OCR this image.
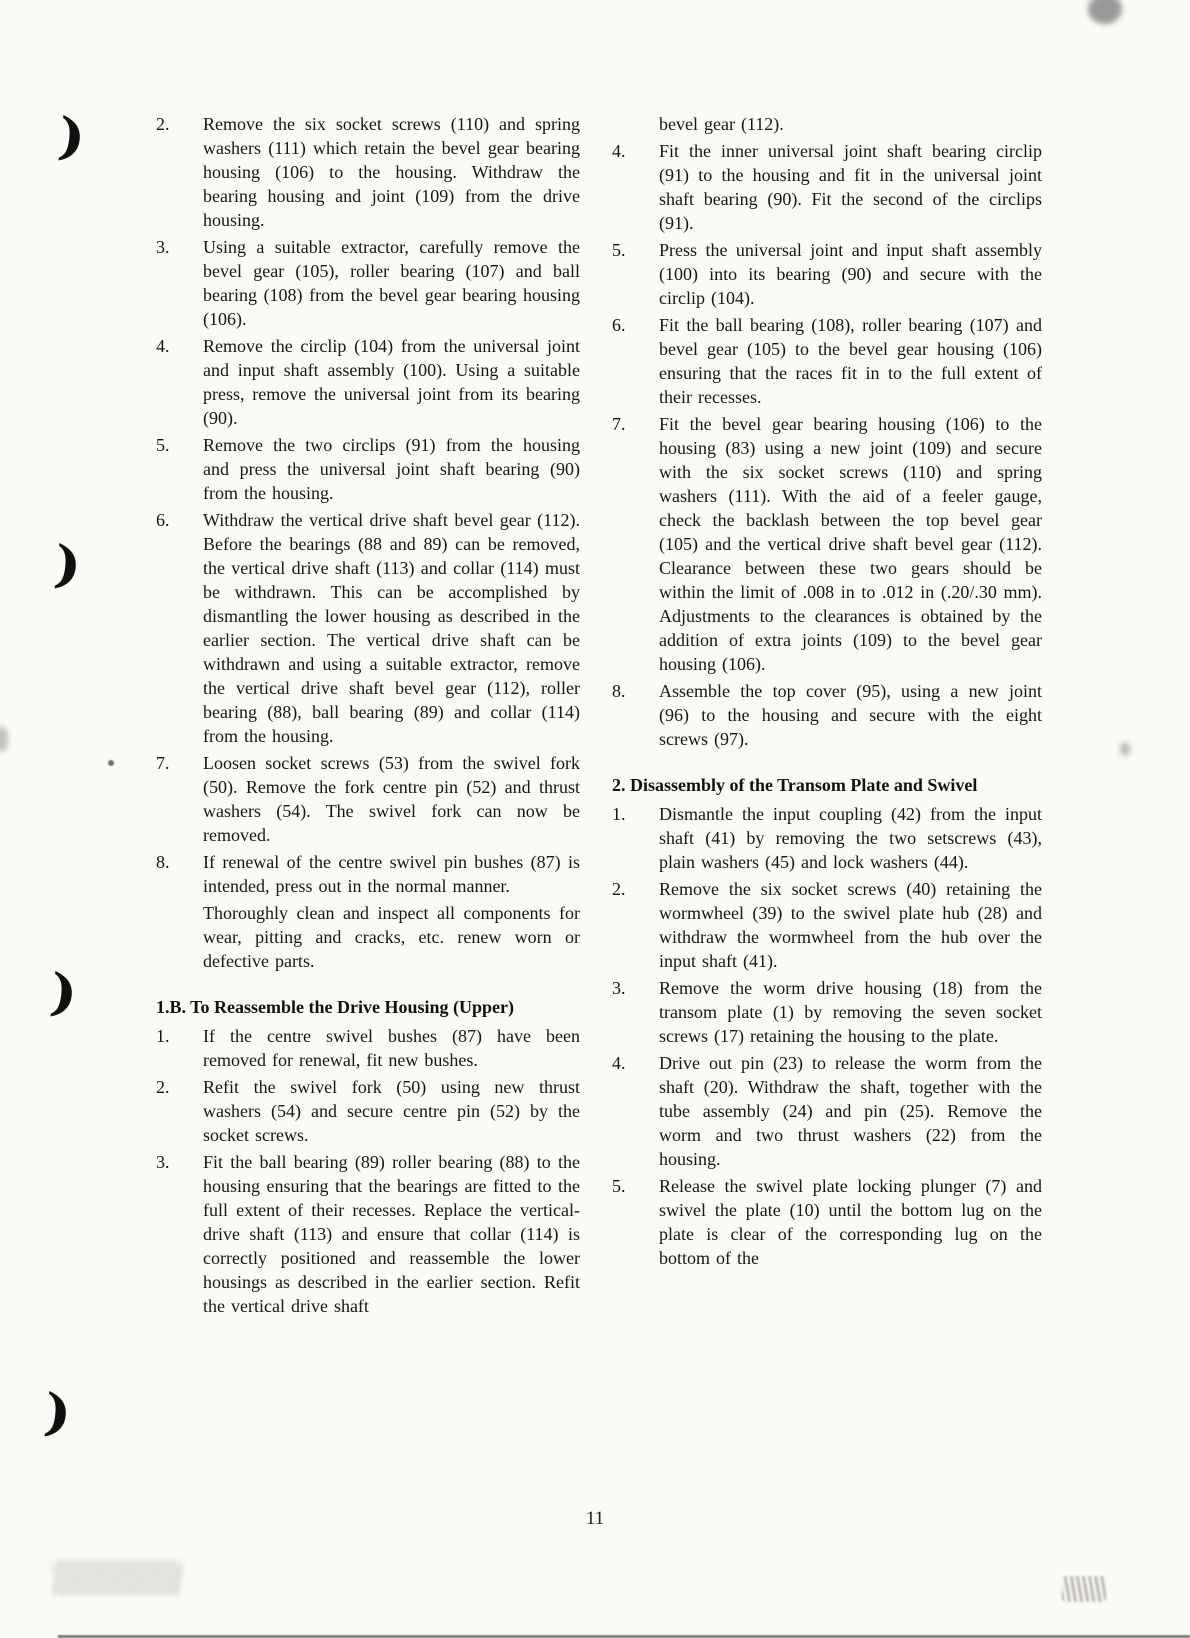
)
)
)
)
2.	Remove the six socket screws (110) and spring washers (111) which retain the bevel gear bearing housing (106) to the housing. Withdraw the bearing housing and joint (109) from the drive housing.

3.	Using a suitable extractor, carefully remove the bevel gear (105), roller bearing (107) and ball bearing (108) from the bevel gear bearing housing (106).

4.	Remove the circlip (104) from the universal joint and input shaft assembly (100). Using a suitable press, remove the universal joint from its bearing (90).

5.	Remove the two circlips (91) from the housing and press the universal joint shaft bearing (90) from the housing.

6.	Withdraw the vertical drive shaft bevel gear (112). Before the bearings (88 and 89) can be removed, the vertical drive shaft (113) and collar (114) must be withdrawn. This can be accomplished by dismantling the lower housing as described in the earlier section. The vertical drive shaft can be withdrawn and using a suitable extractor, remove the vertical drive shaft bevel gear (112), roller bearing (88), ball bearing (89) and collar (114) from the housing.

7.	Loosen socket screws (53) from the swivel fork (50). Remove the fork centre pin (52) and thrust washers (54). The swivel fork can now be removed.

8.	If renewal of the centre swivel pin bushes (87) is intended, press out in the normal manner.

Thoroughly clean and inspect all components for wear, pitting and cracks, etc. renew worn or defective parts.

1.B. To Reassemble the Drive Housing (Upper)
1.	If the centre swivel bushes (87) have been removed for renewal, fit new bushes.

2.	Refit the swivel fork (50) using new thrust washers (54) and secure centre pin (52) by the socket screws.

3.	Fit the ball bearing (89) roller bearing (88) to the housing ensuring that the bearings are fitted to the full extent of their recesses. Replace the vertical-drive shaft (113) and ensure that collar (114) is correctly positioned and reassemble the lower housings as described in the earlier section. Refit the vertical drive shaft

bevel gear (112).

4.	Fit the inner universal joint shaft bearing circlip (91) to the housing and fit in the universal joint shaft bearing (90). Fit the second of the circlips (91).

5.	Press the universal joint and input shaft assembly (100) into its bearing (90) and secure with the circlip (104).

6.	Fit the ball bearing (108), roller bearing (107) and bevel gear (105) to the bevel gear housing (106) ensuring that the races fit in to the full extent of their recesses.

7.	Fit the bevel gear bearing housing (106) to the housing (83) using a new joint (109) and secure with the six socket screws (110) and spring washers (111). With the aid of a feeler gauge, check the backlash between the top bevel gear (105) and the vertical drive shaft bevel gear (112). Clearance between these two gears should be within the limit of .008 in to .012 in (.20/.30 mm). Adjustments to the clearances is obtained by the addition of extra joints (109) to the bevel gear housing (106).

8.	Assemble the top cover (95), using a new joint (96) to the housing and secure with the eight screws (97).

2. Disassembly of the Transom Plate and Swivel
1.	Dismantle the input coupling (42) from the input shaft (41) by removing the two setscrews (43), plain washers (45) and lock washers (44).

2.	Remove the six socket screws (40) retaining the wormwheel (39) to the swivel plate hub (28) and withdraw the wormwheel from the hub over the input shaft (41).

3.	Remove the worm drive housing (18) from the transom plate (1) by removing the seven socket screws (17) retaining the housing to the plate.

4.	Drive out pin (23) to release the worm from the shaft (20). Withdraw the shaft, together with the tube assembly (24) and pin (25). Remove the worm and two thrust washers (22) from the housing.

5.	Release the swivel plate locking plunger (7) and swivel the plate (10) until the bottom lug on the plate is clear of the corresponding lug on the bottom of the

11
